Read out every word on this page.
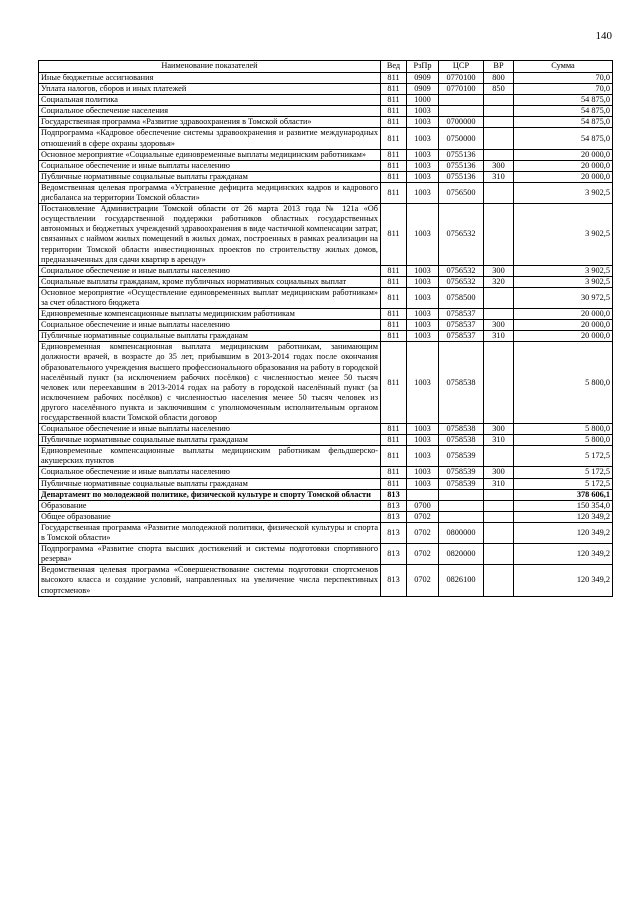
140
Наименование показателей	Вед	РзПр	ЦСР	ВР	Сумма
Иные бюджетные ассигнования	811	0909	0770100	800	70,0
Уплата налогов, сборов и иных платежей	811	0909	0770100	850	70,0
Социальная политика	811	1000			54 875,0
Социальное обеспечение населения	811	1003			54 875,0
Государственная программа «Развитие здравоохранения в Томской области»	811	1003	0700000		54 875,0
Подпрограмма «Кадровое обеспечение системы здравоохранения и развитие международных отношений в сфере охраны здоровья»	811	1003	0750000		54 875,0
Основное мероприятие «Социальные единовременные выплаты медицинским работникам»	811	1003	0755136		20 000,0
Социальное обеспечение и иные выплаты населению	811	1003	0755136	300	20 000,0
Публичные нормативные социальные выплаты гражданам	811	1003	0755136	310	20 000,0
Ведомственная целевая программа «Устранение дефицита медицинских кадров и кадрового дисбаланса на территории Томской области»	811	1003	0756500		3 902,5
Постановление Администрации Томской области от 26 марта 2013 года № 121а «Об осуществлении государственной поддержки работников областных государственных автономных и бюджетных учреждений здравоохранения в виде частичной компенсации затрат, связанных с наймом жилых помещений в жилых домах, построенных в рамках реализации на территории Томской области инвестиционных проектов по строительству жилых домов, предназначенных для сдачи квартир в аренду»	811	1003	0756532		3 902,5
Социальное обеспечение и иные выплаты населению	811	1003	0756532	300	3 902,5
Социальные выплаты гражданам, кроме публичных нормативных социальных выплат	811	1003	0756532	320	3 902,5
Основное мероприятие «Осуществление единовременных выплат медицинским работникам» за счет областного бюджета	811	1003	0758500		30 972,5
Единовременные компенсационные выплаты медицинским работникам	811	1003	0758537		20 000,0
Социальное обеспечение и иные выплаты населению	811	1003	0758537	300	20 000,0
Публичные нормативные социальные выплаты гражданам	811	1003	0758537	310	20 000,0
Единовременная компенсационная выплата медицинским работникам, занимающим должности врачей, в возрасте до 35 лет, прибывшим в 2013-2014 годах после окончания образовательного учреждения высшего профессионального образования на работу в городской населённый пункт (за исключением рабочих посёлков) с численностью менее 50 тысяч человек или переехавшим в 2013-2014 годах на работу в городской населённый пункт (за исключением рабочих посёлков) с численностью населения менее 50 тысяч человек из другого населённого пункта и заключившим с уполномоченным исполнительным органом государственной власти Томской области договор	811	1003	0758538		5 800,0
Социальное обеспечение и иные выплаты населению	811	1003	0758538	300	5 800,0
Публичные нормативные социальные выплаты гражданам	811	1003	0758538	310	5 800,0
Единовременные компенсационные выплаты медицинским работникам фельдшерско-акушерских пунктов	811	1003	0758539		5 172,5
Социальное обеспечение и иные выплаты населению	811	1003	0758539	300	5 172,5
Публичные нормативные социальные выплаты гражданам	811	1003	0758539	310	5 172,5
Департамент по молодежной политике, физической культуре и спорту Томской области	813				378 606,1
Образование	813	0700			150 354,0
Общее образование	813	0702			120 349,2
Государственная программа «Развитие молодежной политики, физической культуры и спорта в Томской области»	813	0702	0800000		120 349,2
Подпрограмма «Развитие спорта высших достижений и системы подготовки спортивного резерва»	813	0702	0820000		120 349,2
Ведомственная целевая программа «Совершенствование системы подготовки спортсменов высокого класса и создание условий, направленных на увеличение числа перспективных спортсменов»	813	0702	0826100		120 349,2
